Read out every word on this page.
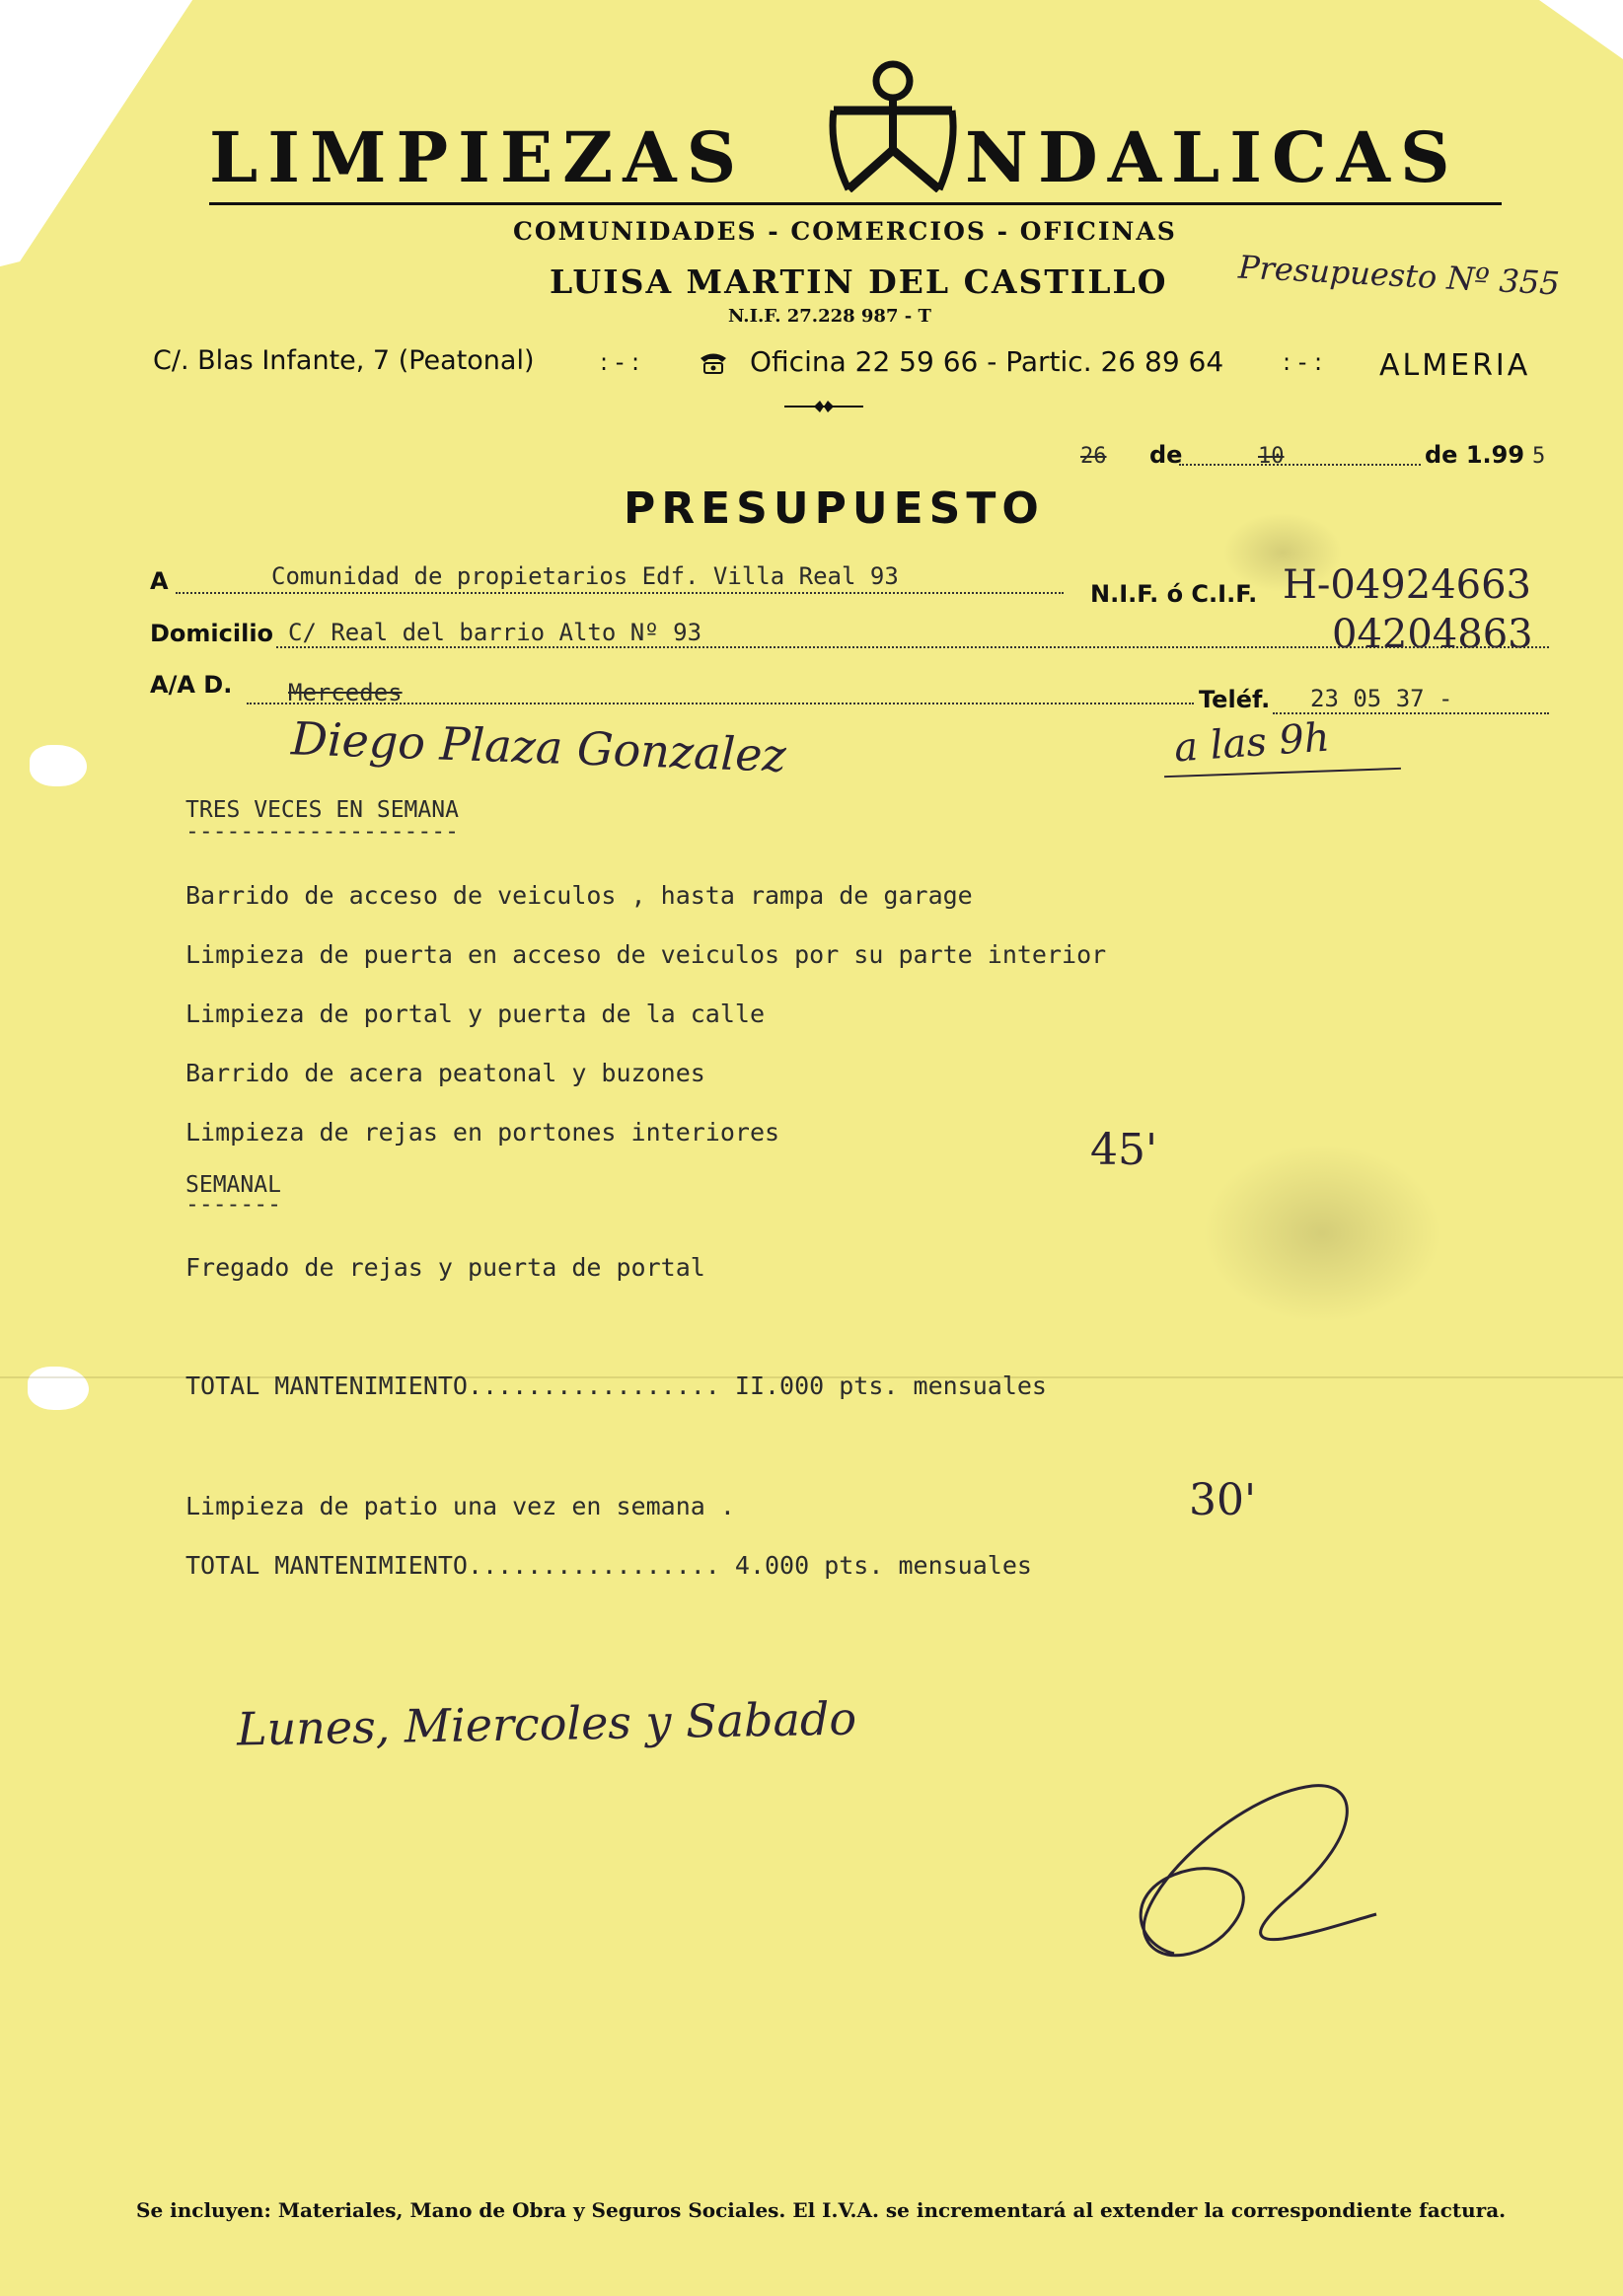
LIMPIEZAS	NDALICAS
COMUNIDADES - COMERCIOS - OFICINAS
LUISA MARTIN DEL CASTILLO
N.I.F. 27.228 987 - T
Presupuesto Nº 355
C/. Blas Infante, 7 (Peatonal)	: - :	Oficina 22 59 66 - Partic. 26 89 64 : - : ALMERIA
26 de	10	de 1.99 5
PRESUPUESTO
A	Comunidad de propietarios Edf. Villa Real 93
N.I.F. ó C.I.F. H-04924663
04204863
Domicilio C/ Real del barrio Alto Nº 93
A/A D. Mercedes	Teléf. 23 05 37 -
Diego Plaza Gonzalez	a las 9h
TRES VECES EN SEMANA
--------------------
Barrido de acceso de veiculos , hasta rampa de garage
Limpieza de puerta en acceso de veiculos por su parte interior
Limpieza de portal y puerta de la calle
Barrido de acera peatonal y buzones
Limpieza de rejas en portones interiores	45'
SEMANAL
-------
Fregado de rejas y puerta de portal
TOTAL MANTENIMIENTO................. II.000 pts. mensuales
Limpieza de patio una vez en semana .	30'
TOTAL MANTENIMIENTO................. 4.000 pts. mensuales
Lunes, Miercoles y Sabado
Se incluyen: Materiales, Mano de Obra y Seguros Sociales. El I.V.A. se incrementará al extender la correspondiente factura.
